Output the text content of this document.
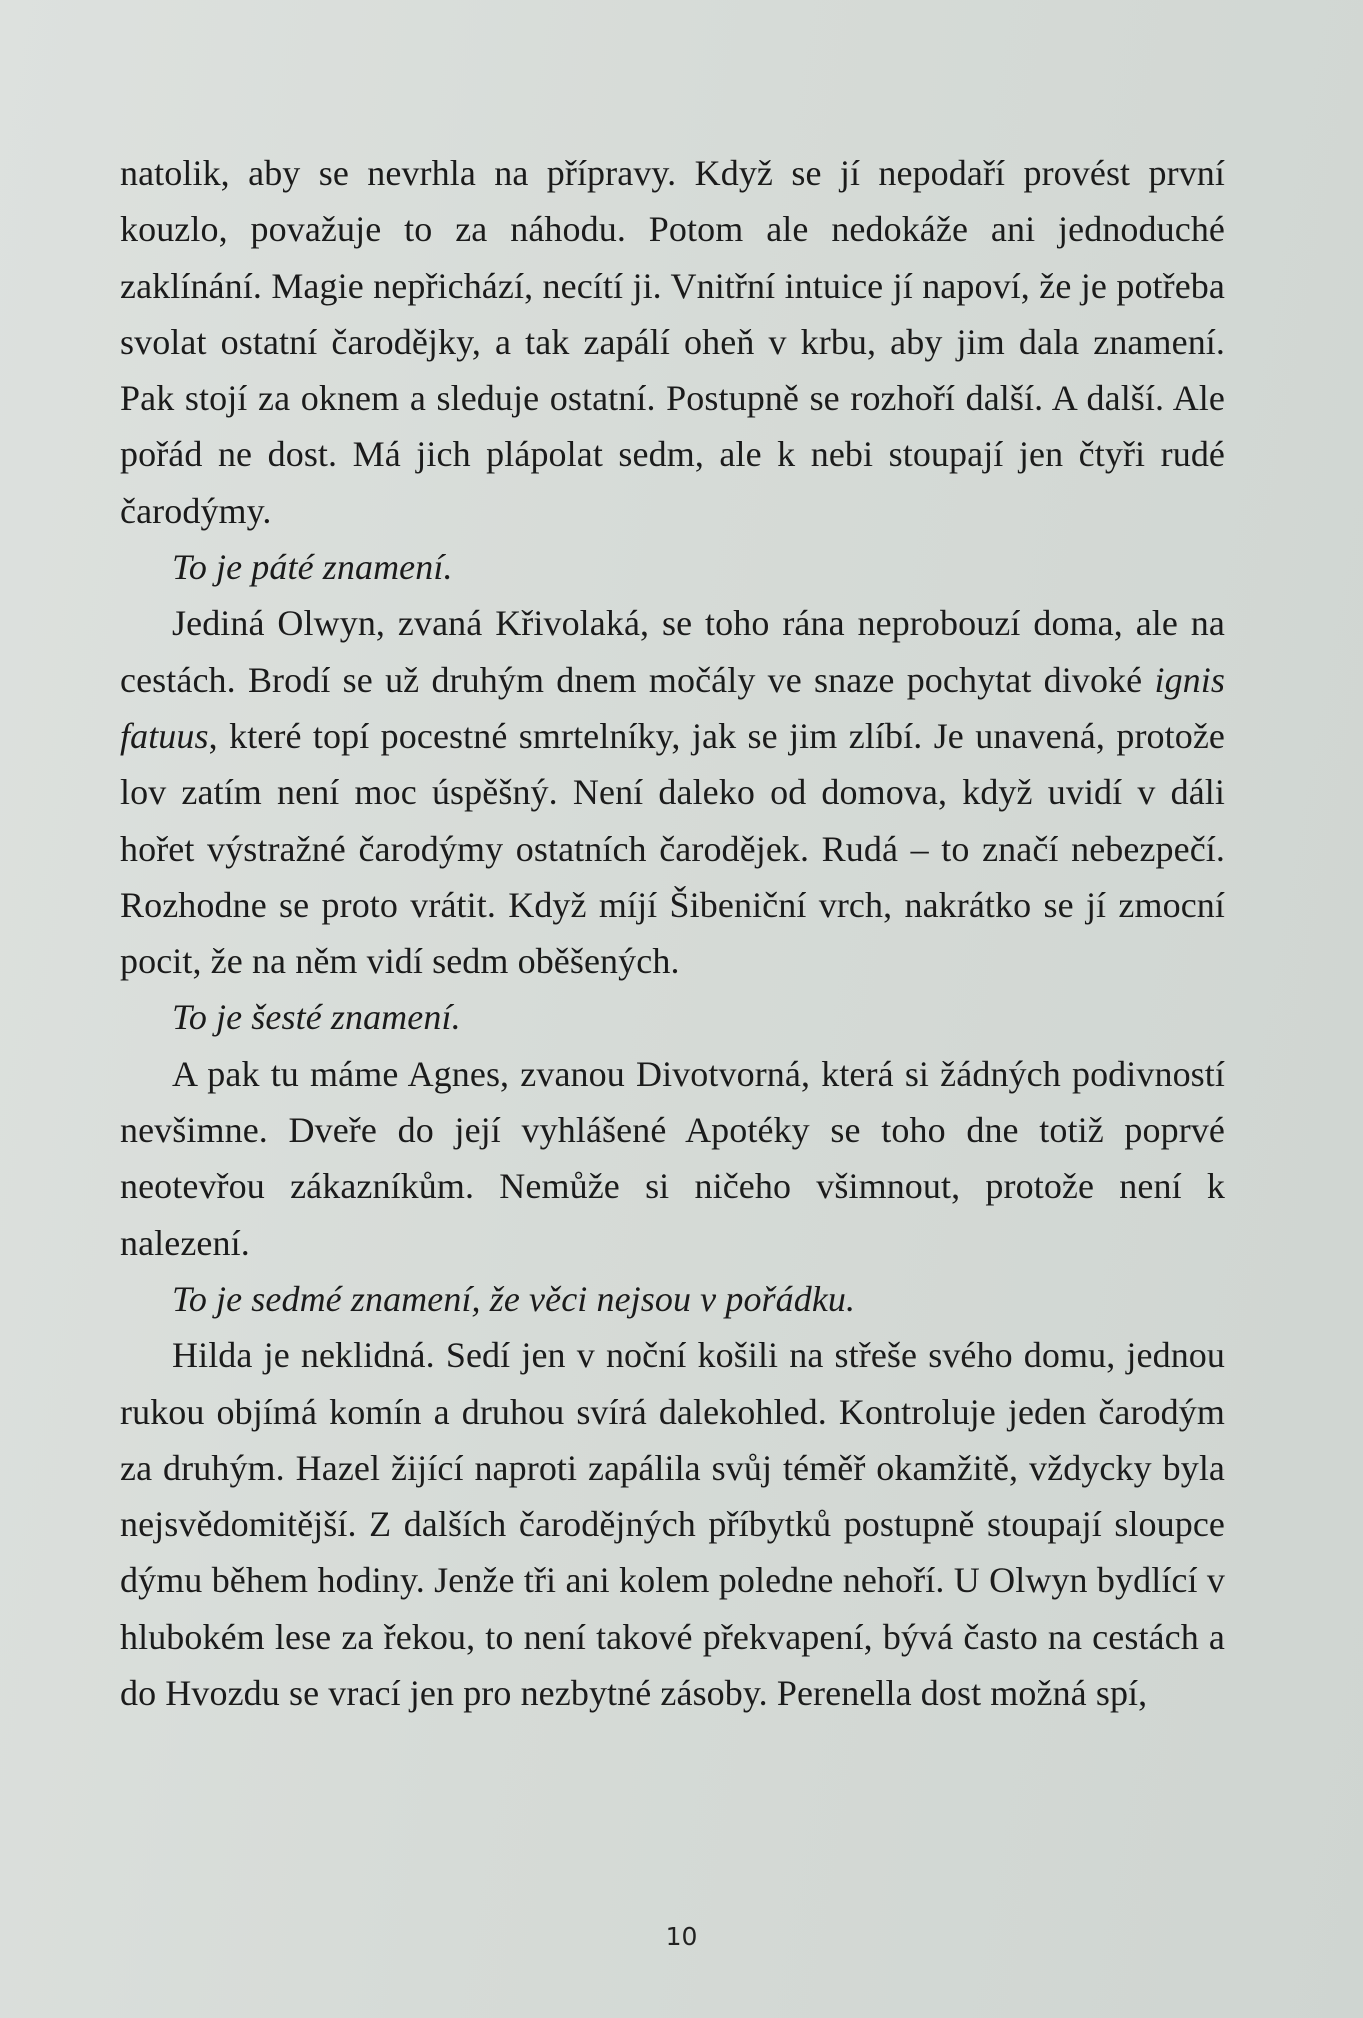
natolik, aby se nevrhla na přípravy. Když se jí nepodaří provést první kouzlo, považuje to za náhodu. Potom ale nedokáže ani jednoduché zaklínání. Magie nepřichází, necítí ji. Vnitřní intuice jí napoví, že je potřeba svolat ostatní čarodějky, a tak zapálí oheň v krbu, aby jim dala znamení. Pak stojí za oknem a sleduje ostatní. Postupně se rozhoří další. A další. Ale pořád ne dost. Má jich plápolat sedm, ale k nebi stoupají jen čtyři rudé čarodýmy.

To je páté znamení.

Jediná Olwyn, zvaná Křivolaká, se toho rána neprobouzí doma, ale na cestách. Brodí se už druhým dnem močály ve snaze pochytat divoké ignis fatuus, které topí pocestné smrtelníky, jak se jim zlíbí. Je unavená, protože lov zatím není moc úspěšný. Není daleko od domova, když uvidí v dáli hořet výstražné čarodýmy ostatních čarodějek. Rudá – to značí nebezpečí. Rozhodne se proto vrátit. Když míjí Šibeniční vrch, nakrátko se jí zmocní pocit, že na něm vidí sedm oběšených.

To je šesté znamení.

A pak tu máme Agnes, zvanou Divotvorná, která si žádných podivností nevšimne. Dveře do její vyhlášené Apotéky se toho dne totiž poprvé neotevřou zákazníkům. Nemůže si ničeho všimnout, protože není k nalezení.

To je sedmé znamení, že věci nejsou v pořádku.

Hilda je neklidná. Sedí jen v noční košili na střeše svého domu, jednou rukou objímá komín a druhou svírá dalekohled. Kontroluje jeden čarodým za druhým. Hazel žijící naproti zapálila svůj téměř okamžitě, vždycky byla nejsvědomitější. Z dalších čarodějných příbytků postupně stoupají sloupce dýmu během hodiny. Jenže tři ani kolem poledne nehoří. U Olwyn bydlící v hlubokém lese za řekou, to není takové překvapení, bývá často na cestách a do Hvozdu se vrací jen pro nezbytné zásoby. Perenella dost možná spí,

10
